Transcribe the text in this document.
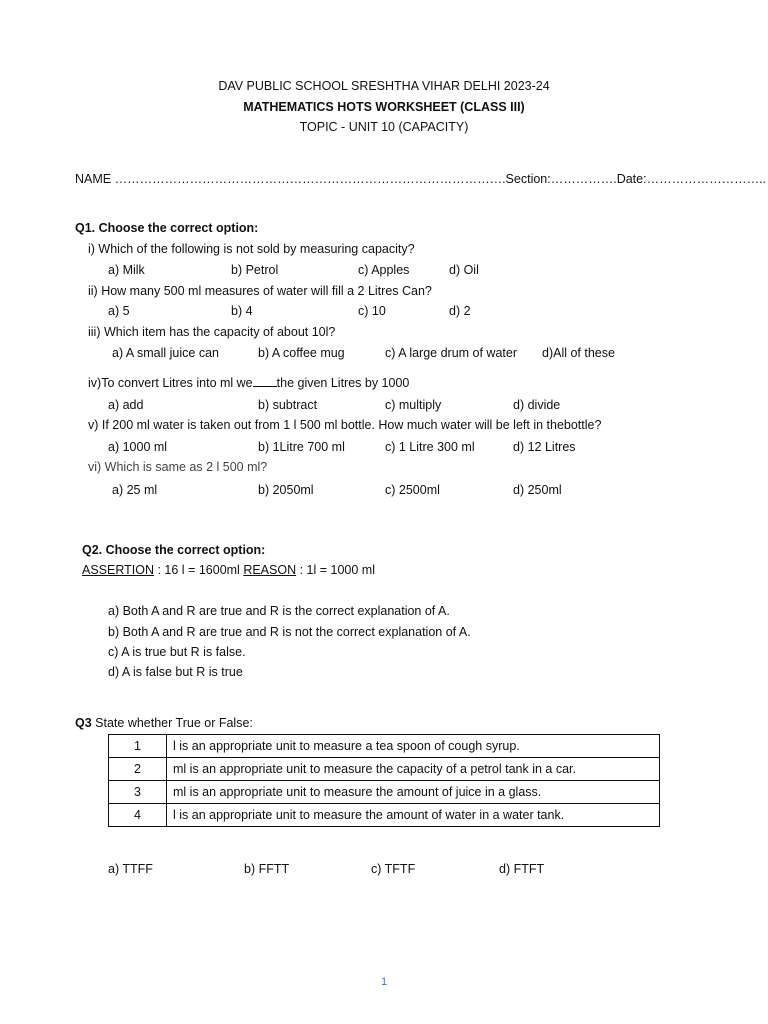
DAV PUBLIC SCHOOL SRESHTHA VIHAR DELHI 2023-24
MATHEMATICS HOTS WORKSHEET (CLASS III)
TOPIC - UNIT 10 (CAPACITY)
NAME ………………………………………………………………………………….Section:…………….Date:………………………..
Q1. Choose the correct option:
i) Which of the following is not sold by measuring capacity?
a) Milk	b) Petrol	c) Apples	d) Oil
ii) How many 500 ml measures of water will fill a 2 Litres Can?
a) 5	b) 4	c) 10	d) 2
iii) Which item has the capacity of about 10l?
a) A small juice can	b) A coffee mug	c) A large drum of water d)All of these
iv)To convert Litres into ml we the given Litres by 1000
a) add	b) subtract	c) multiply	d) divide
v) If 200 ml water is taken out from 1 l 500 ml bottle. How much water will be left in thebottle?
a) 1000 ml	b) 1Litre 700 ml	c) 1 Litre 300 ml	d) 12 Litres
vi) Which is same as 2 l 500 ml?
a) 25 ml	b) 2050ml	c) 2500ml	d) 250ml
Q2. Choose the correct option:
ASSERTION : 16 l = 1600ml REASON : 1l = 1000 ml
a) Both A and R are true and R is the correct explanation of A.
b) Both A and R are true and R is not the correct explanation of A.
c) A is true but R is false.
d) A is false but R is true
Q3 State whether True or False:
1	l is an appropriate unit to measure a tea spoon of cough syrup.
2	ml is an appropriate unit to measure the capacity of a petrol tank in a car.
3	ml is an appropriate unit to measure the amount of juice in a glass.
4	l is an appropriate unit to measure the amount of water in a water tank.
a) TTFF	b) FFTT	c) TFTF	d) FTFT
1
